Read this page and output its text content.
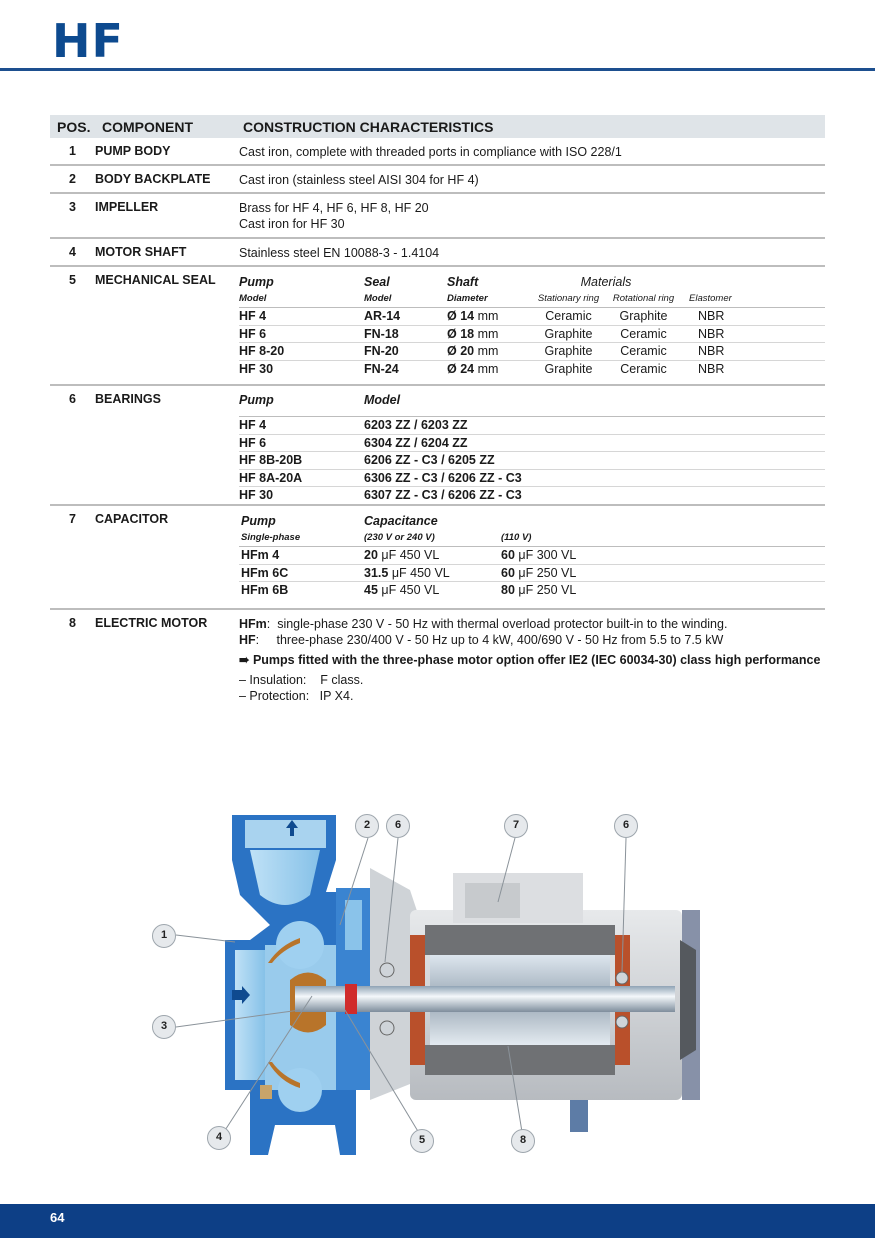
HF
POS. COMPONENT	CONSTRUCTION CHARACTERISTICS
1	PUMP BODY	Cast iron, complete with threaded ports in compliance with ISO 228/1
2	BODY BACKPLATE	Cast iron (stainless steel AISI 304 for HF 4)
3	IMPELLER	Brass for HF 4, HF 6, HF 8, HF 20
Cast iron for HF 30
4	MOTOR SHAFT	Stainless steel EN 10088-3 - 1.4104
5	MECHANICAL SEAL	Pump	Seal	Shaft	Materials		
Model	Model	Diameter	Stationary ring	Rotational ring	Elastomer
HF 4	AR-14	Ø 14 mm	Ceramic	Graphite	NBR
HF 6	FN-18	Ø 18 mm	Graphite	Ceramic	NBR
HF 8-20	FN-20	Ø 20 mm	Graphite	Ceramic	NBR
HF 30	FN-24	Ø 24 mm	Graphite	Ceramic	NBR
6	BEARINGS	Pump	Model
HF 4	6203 ZZ / 6203 ZZ
HF 6	6304 ZZ / 6204 ZZ
HF 8B-20B	6206 ZZ - C3 / 6205 ZZ
HF 8A-20A	6306 ZZ - C3 / 6206 ZZ - C3
HF 30	6307 ZZ - C3 / 6206 ZZ - C3
7	CAPACITOR	Pump	Capacitance	
Single-phase	(230 V or 240 V)	(110 V)
HFm 4	20 μF 450 VL	60 μF 300 VL
HFm 6C	31.5 μF 450 VL	60 μF 250 VL
HFm 6B	45 μF 450 VL	80 μF 250 VL
8	ELECTRIC MOTOR	HFm:  single-phase 230 V - 50 Hz with thermal overload protector built-in to the winding.
HF:     three-phase 230/400 V - 50 Hz up to 4 kW, 400/690 V - 50 Hz from 5.5 to 7.5 kW
➠ Pumps fitted with the three-phase motor option offer IE2 (IEC 60034-30) class high performance
– Insulation:    F class.
– Protection:   IP X4.
1
2
3
4	5
6	6
7
8
64
